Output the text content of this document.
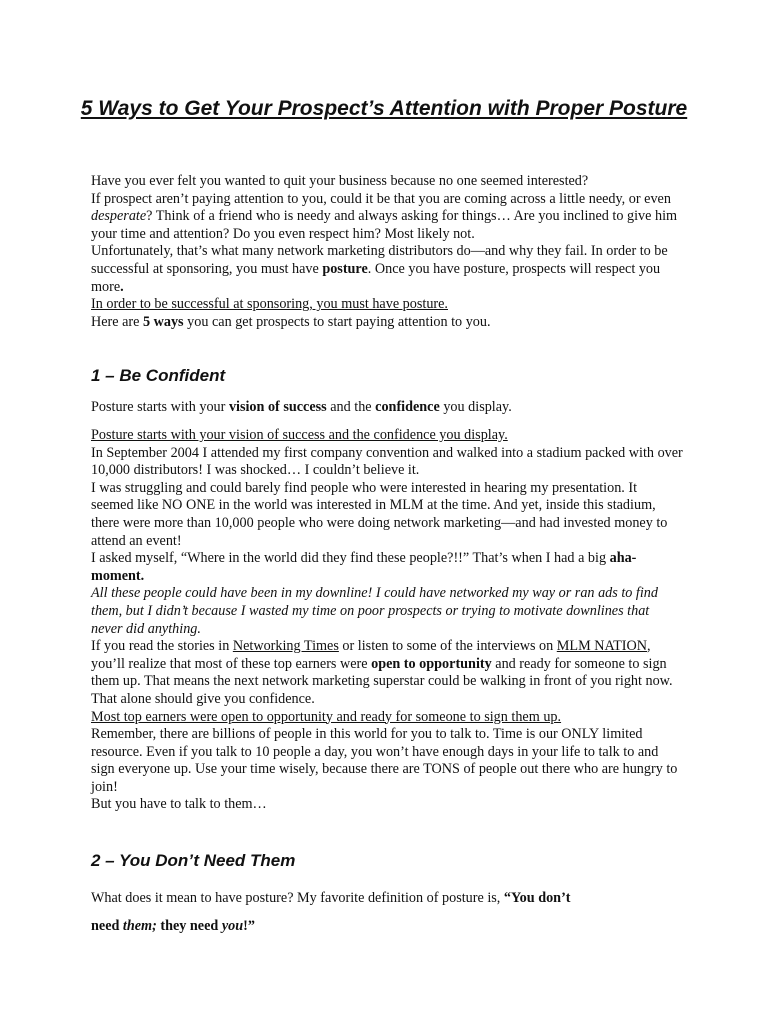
5 Ways to Get Your Prospect’s Attention with Proper Posture

Have you ever felt you wanted to quit your business because no one seemed interested?

If prospect aren’t paying attention to you, could it be that you are coming across a little needy, or even desperate? Think of a friend who is needy and always asking for things… Are you inclined to give him your time and attention? Do you even respect him? Most likely not.

Unfortunately, that’s what many network marketing distributors do—and why they fail. In order to be successful at sponsoring, you must have posture. Once you have posture, prospects will respect you more.

In order to be successful at sponsoring, you must have posture.

Here are 5 ways you can get prospects to start paying attention to you.

1 – Be Confident

Posture starts with your vision of success and the confidence you display.

Posture starts with your vision of success and the confidence you display.

In September 2004 I attended my first company convention and walked into a stadium packed with over 10,000 distributors! I was shocked… I couldn’t believe it.

I was struggling and could barely find people who were interested in hearing my presentation. It seemed like NO ONE in the world was interested in MLM at the time. And yet, inside this stadium, there were more than 10,000 people who were doing network marketing—and had invested money to attend an event!

I asked myself, “Where in the world did they find these people?!!” That’s when I had a big aha-moment.

All these people could have been in my downline! I could have networked my way or ran ads to find them, but I didn’t because I wasted my time on poor prospects or trying to motivate downlines that never did anything.

If you read the stories in Networking Times or listen to some of the interviews on MLM NATION, you’ll realize that most of these top earners were open to opportunity and ready for someone to sign them up. That means the next network marketing superstar could be walking in front of you right now. That alone should give you confidence.

Most top earners were open to opportunity and ready for someone to sign them up.

Remember, there are billions of people in this world for you to talk to. Time is our ONLY limited resource. Even if you talk to 10 people a day, you won’t have enough days in your life to talk to and sign everyone up. Use your time wisely, because there are TONS of people out there who are hungry to join!

But you have to talk to them…

2 – You Don’t Need Them

What does it mean to have posture? My favorite definition of posture is, “You don’t

need them; they need you!”
